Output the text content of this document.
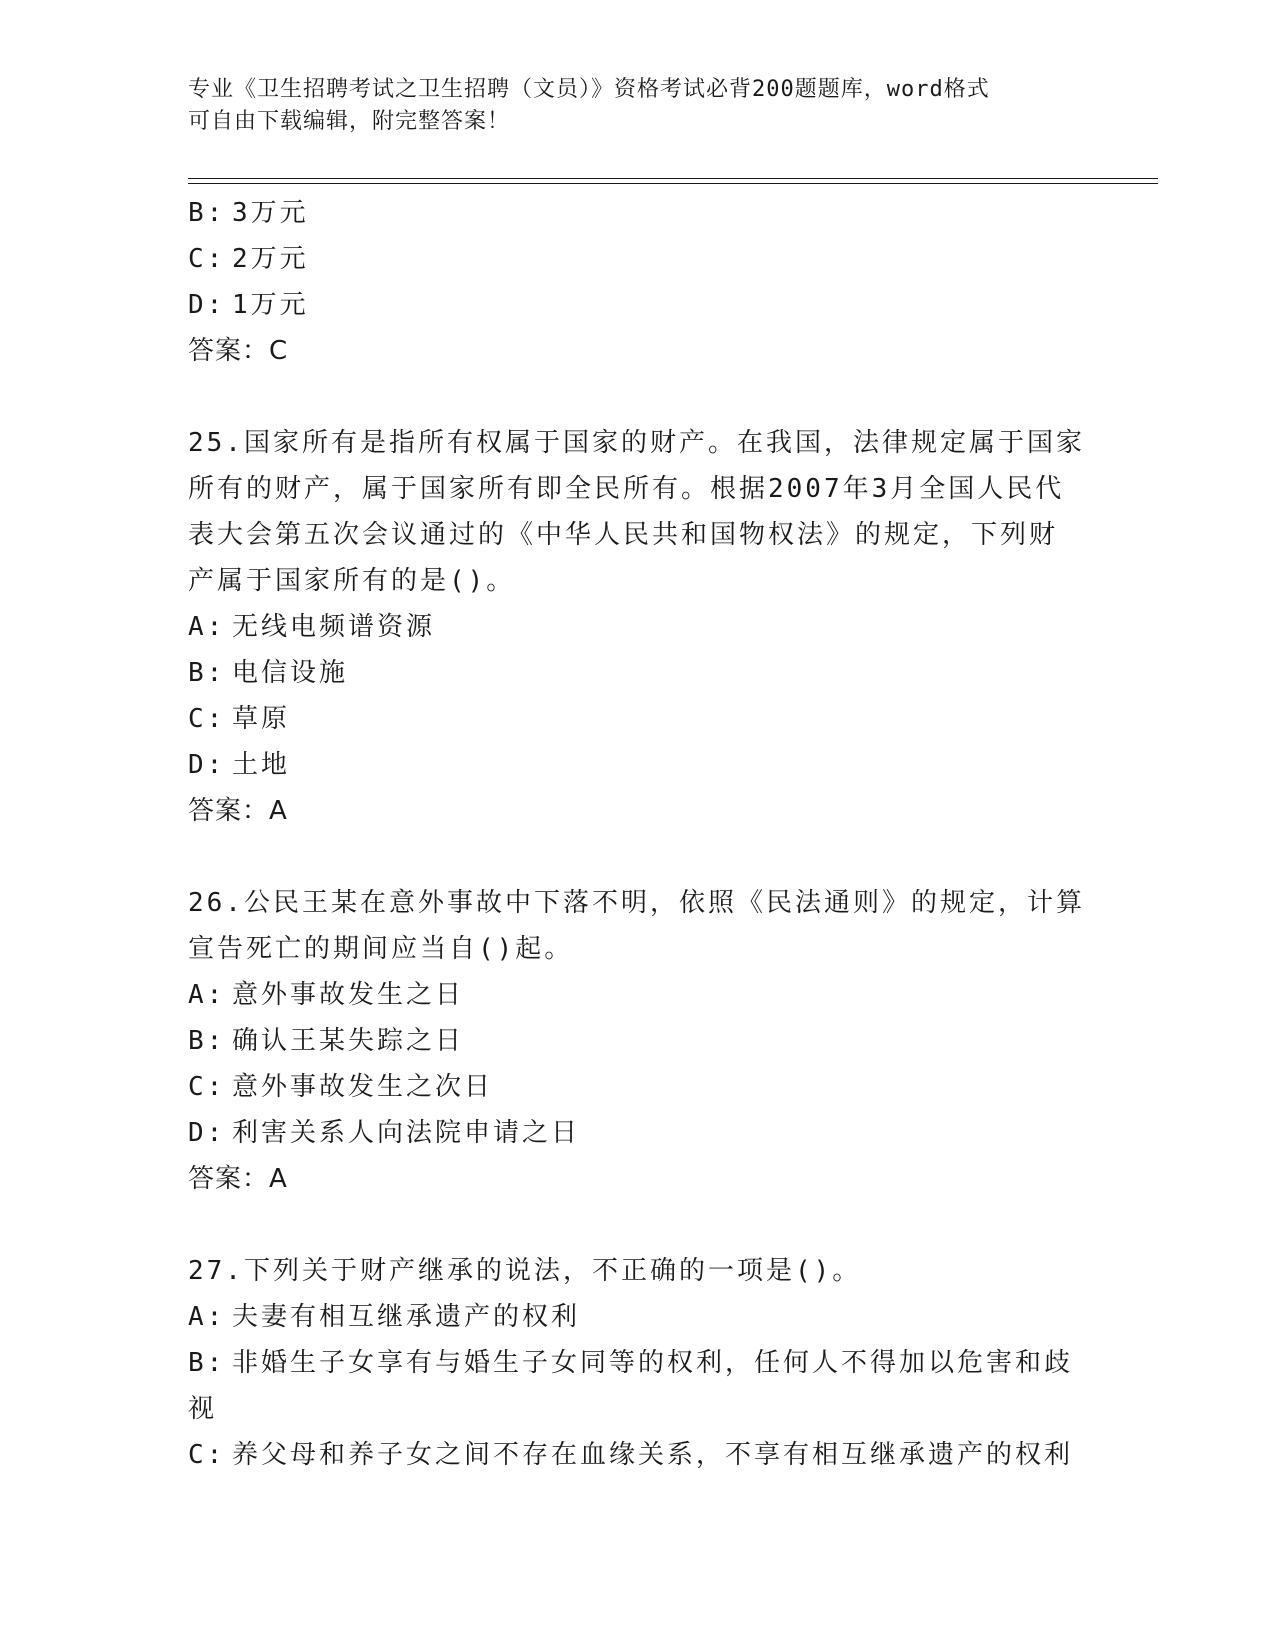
专业《卫生招聘考试之卫生招聘（文员）》资格考试必背200题题库，word格式
可自由下载编辑，附完整答案！
B: 3万元
C: 2万元
D: 1万元
答案：C
25.国家所有是指所有权属于国家的财产。在我国，法律规定属于国家
所有的财产，属于国家所有即全民所有。根据2007年3月全国人民代
表大会第五次会议通过的《中华人民共和国物权法》的规定，下列财
产属于国家所有的是()。
A: 无线电频谱资源
B: 电信设施
C: 草原
D: 土地
答案：A
26.公民王某在意外事故中下落不明，依照《民法通则》的规定，计算
宣告死亡的期间应当自()起。
A: 意外事故发生之日
B: 确认王某失踪之日
C: 意外事故发生之次日
D: 利害关系人向法院申请之日
答案：A
27.下列关于财产继承的说法，不正确的一项是()。
A: 夫妻有相互继承遗产的权利
B: 非婚生子女享有与婚生子女同等的权利，任何人不得加以危害和歧
视
C: 养父母和养子女之间不存在血缘关系，不享有相互继承遗产的权利
